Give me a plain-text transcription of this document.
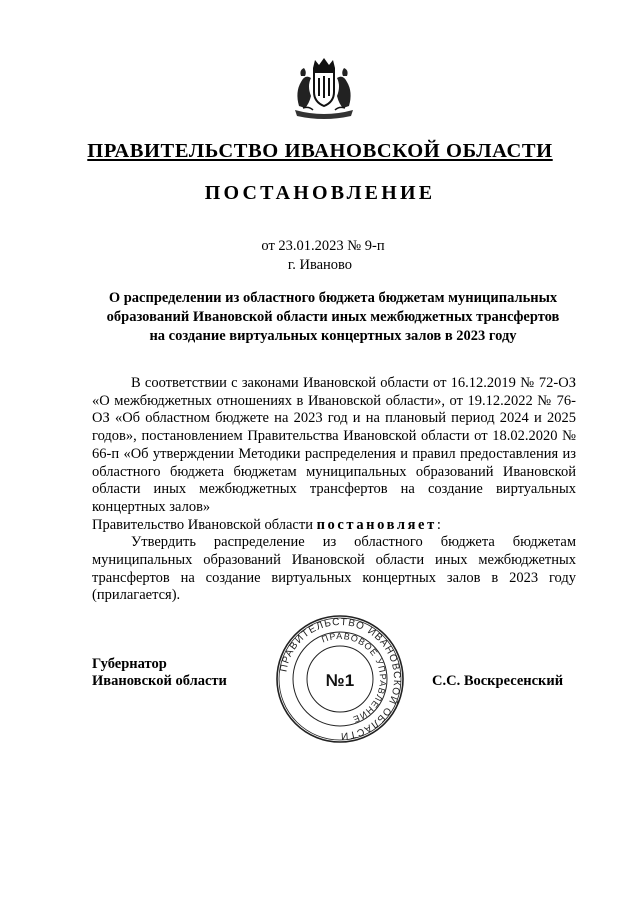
ПРАВИТЕЛЬСТВО ИВАНОВСКОЙ ОБЛАСТИ
ПОСТАНОВЛЕНИЕ
от 23.01.2023 № 9-п
г. Иваново
О распределении из областного бюджета бюджетам муниципальных
образований Ивановской области иных межбюджетных трансфертов
на создание виртуальных концертных залов в 2023 году

В соответствии с законами Ивановской области от 16.12.2019 № 72-ОЗ «О межбюджетных отношениях в Ивановской области», от 19.12.2022 № 76-ОЗ «Об областном бюджете на 2023 год и на плановый период 2024 и 2025 годов», постановлением Правительства Ивановской области от 18.02.2020 № 66-п «Об утверждении Методики распределения и правил предоставления из областного бюджета бюджетам муниципальных образований Ивановской области иных межбюджетных трансфертов на создание виртуальных концертных залов»
Правительство Ивановской области постановляет:

Утвердить распределение из областного бюджета бюджетам муниципальных образований Ивановской области иных межбюджетных трансфертов на создание виртуальных концертных залов в 2023 году (прилагается).

Губернатор
Ивановской области
ПРАВИТЕЛЬСТВО ИВАНОВСКОЙ ОБЛАСТИ
ПРАВОВОЕ УПРАВЛЕНИЕ
№1	С.С. Воскресенский
